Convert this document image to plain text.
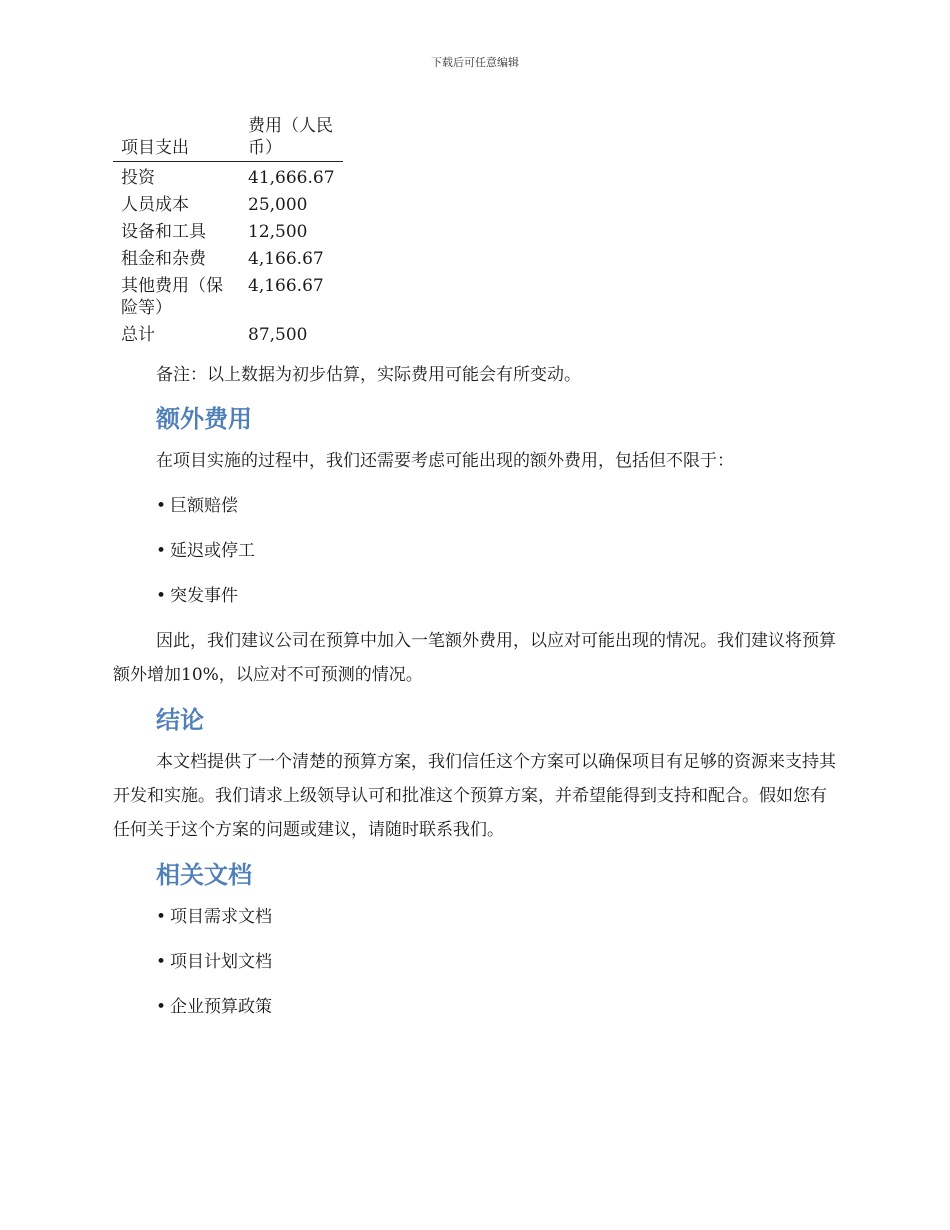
下载后可任意编辑
项目支出	费用（人民币）
投资	41,666.67
人员成本	25,000
设备和工具	12,500
租金和杂费	4,166.67
其他费用（保险等）	4,166.67
总计	87,500

备注：以上数据为初步估算，实际费用可能会有所变动。

额外费用

在项目实施的过程中，我们还需要考虑可能出现的额外费用，包括但不限于：

• 巨额赔偿

• 延迟或停工

• 突发事件

因此，我们建议公司在预算中加入一笔额外费用，以应对可能出现的情况。我们建议将预算额外增加10%，以应对不可预测的情况。

结论

本文档提供了一个清楚的预算方案，我们信任这个方案可以确保项目有足够的资源来支持其开发和实施。我们请求上级领导认可和批准这个预算方案，并希望能得到支持和配合。假如您有任何关于这个方案的问题或建议，请随时联系我们。

相关文档

• 项目需求文档

• 项目计划文档

• 企业预算政策
